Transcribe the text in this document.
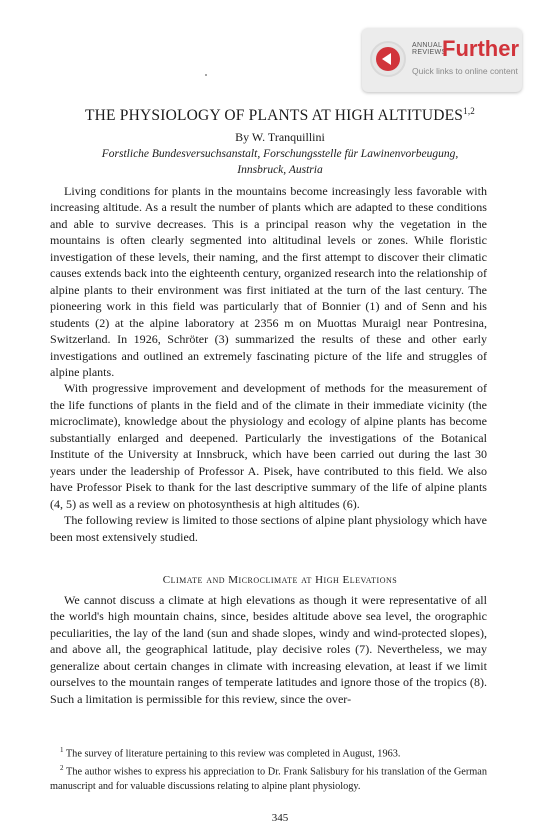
ANNUAL
REVIEWS
Further
Quick links to online content
THE PHYSIOLOGY OF PLANTS AT HIGH ALTITUDES$^{1,2}$
By W. Tranquillini
Forstliche Bundesversuchsanstalt, Forschungsstelle für Lawinenvorbeugung,
Innsbruck, Austria

Living conditions for plants in the mountains become increasingly less favorable with increasing altitude. As a result the number of plants which are adapted to these conditions and able to survive decreases. This is a principal reason why the vegetation in the mountains is often clearly segmented into altitudinal levels or zones. While floristic investigation of these levels, their naming, and the first attempt to discover their climatic causes extends back into the eighteenth century, organized research into the relationship of alpine plants to their environment was first initiated at the turn of the last century. The pioneering work in this field was particularly that of Bonnier (1) and of Senn and his students (2) at the alpine laboratory at 2356 m on Muottas Muraigl near Pontresina, Switzerland. In 1926, Schröter (3) summarized the results of these and other early investigations and outlined an extremely fascinating picture of the life and struggles of alpine plants.

With progressive improvement and development of methods for the measurement of the life functions of plants in the field and of the climate in their immediate vicinity (the microclimate), knowledge about the physiology and ecology of alpine plants has become substantially enlarged and deepened. Particularly the investigations of the Botanical Institute of the University at Innsbruck, which have been carried out during the last 30 years under the leadership of Professor A. Pisek, have contributed to this field. We also have Professor Pisek to thank for the last descriptive summary of the life of alpine plants (4, 5) as well as a review on photosynthesis at high altitudes (6).

The following review is limited to those sections of alpine plant physiology which have been most extensively studied.

Climate and Microclimate at High Elevations

We cannot discuss a climate at high elevations as though it were representative of all the world's high mountain chains, since, besides altitude above sea level, the orographic peculiarities, the lay of the land (sun and shade slopes, windy and wind-protected slopes), and above all, the geographical latitude, play decisive roles (7). Nevertheless, we may generalize about certain changes in climate with increasing elevation, at least if we limit ourselves to the mountain ranges of temperate latitudes and ignore those of the tropics (8). Such a limitation is permissible for this review, since the over-

$^1$ The survey of literature pertaining to this review was completed in August, 1963.

$^2$ The author wishes to express his appreciation to Dr. Frank Salisbury for his translation of the German manuscript and for valuable discussions relating to alpine plant physiology.

345
